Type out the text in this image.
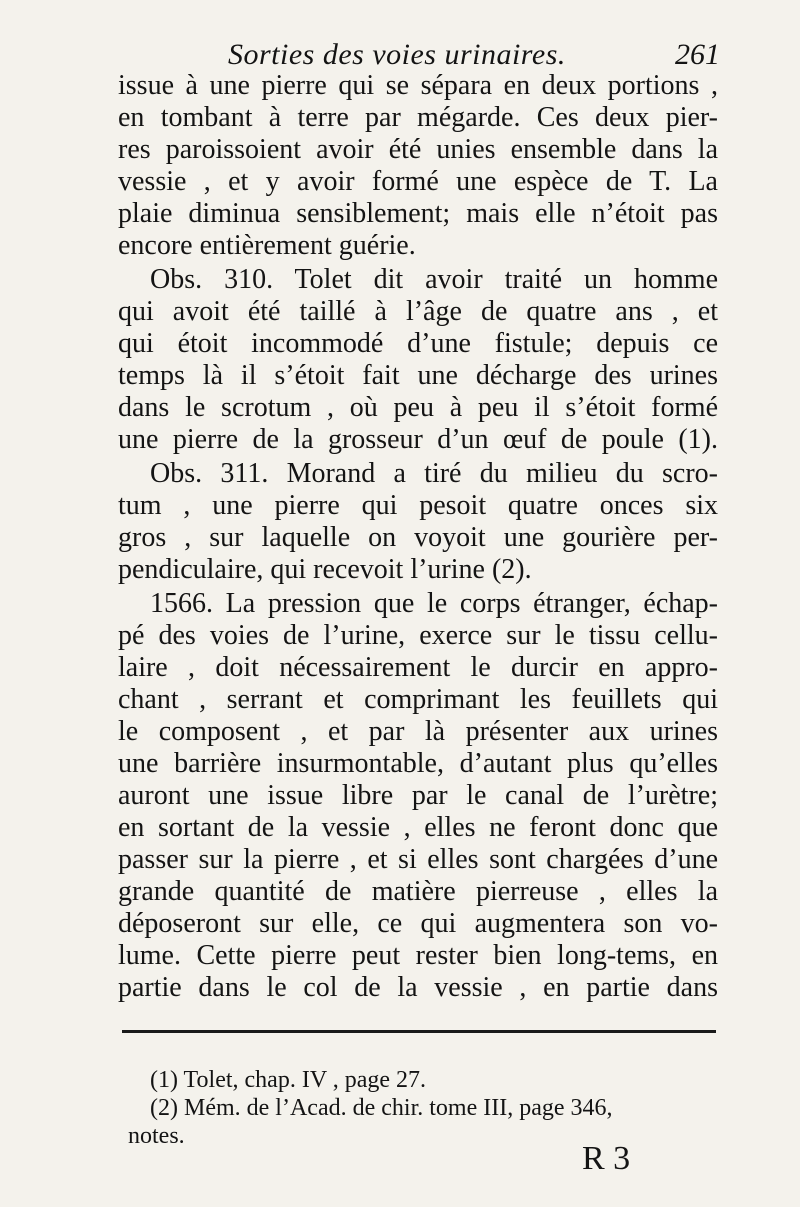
Sorties des voies urinaires.	261
issue à une pierre qui se sépara en deux portions ,
en tombant à terre par mégarde. Ces deux pier-
res paroissoient avoir été unies ensemble dans la
vessie , et y avoir formé une espèce de T. La
plaie diminua sensiblement; mais elle n’étoit pas
encore entièrement guérie.
Obs. 310. Tolet dit avoir traité un homme
qui avoit été taillé à l’âge de quatre ans , et
qui étoit incommodé d’une fistule; depuis ce
temps là il s’étoit fait une décharge des urines
dans le scrotum , où peu à peu il s’étoit formé
une pierre de la grosseur d’un œuf de poule (1).
Obs. 311. Morand a tiré du milieu du scro-
tum , une pierre qui pesoit quatre onces six
gros , sur laquelle on voyoit une gourière per-
pendiculaire, qui recevoit l’urine (2).
1566. La pression que le corps étranger, échap-
pé des voies de l’urine, exerce sur le tissu cellu-
laire , doit nécessairement le durcir en appro-
chant , serrant et comprimant les feuillets qui
le composent , et par là présenter aux urines
une barrière insurmontable, d’autant plus qu’elles
auront une issue libre par le canal de l’urètre;
en sortant de la vessie , elles ne feront donc que
passer sur la pierre , et si elles sont chargées d’une
grande quantité de matière pierreuse , elles la
déposeront sur elle, ce qui augmentera son vo-
lume. Cette pierre peut rester bien long-tems, en
partie dans le col de la vessie , en partie dans
(1) Tolet, chap. IV , page 27.
(2) Mém. de l’Acad. de chir. tome III, page 346,
notes.
R 3
